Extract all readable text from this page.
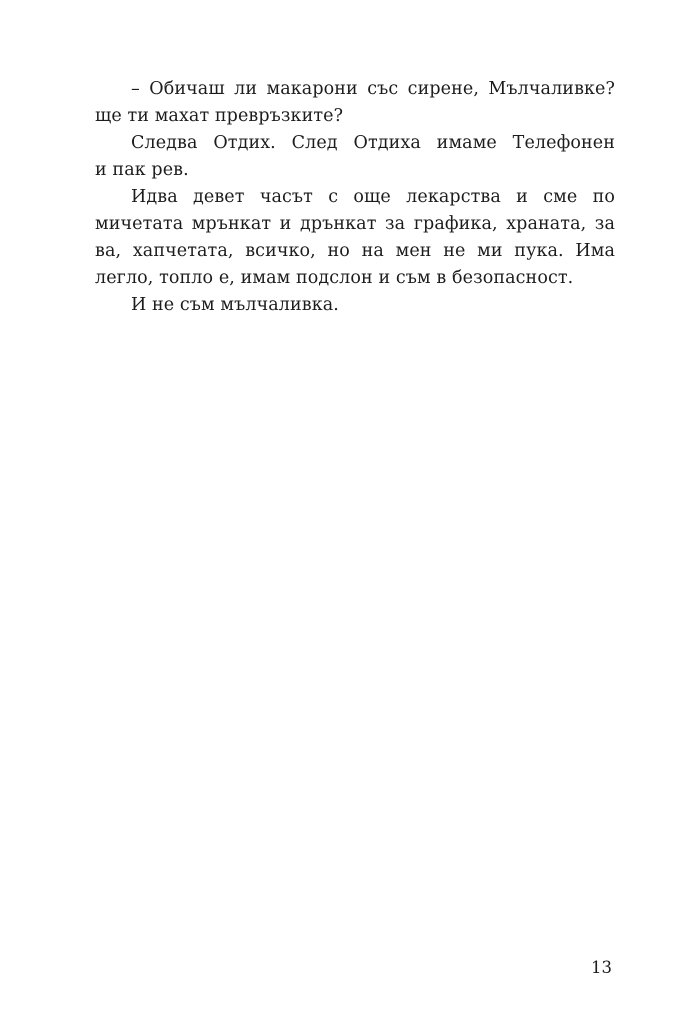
– Обичаш ли макарони със сирене, Мълчаливке?
ще ти махат превръзките?
Следва Отдих. След Отдиха имаме Телефонен
и пак рев.
Идва девет часът с още лекарства и сме по
мичетата мрънкат и дрънкат за графика, храната, за
ва, хапчетата, всичко, но на мен не ми пука. Има
легло, топло е, имам подслон и съм в безопасност.
И не съм мълчаливка.
13
